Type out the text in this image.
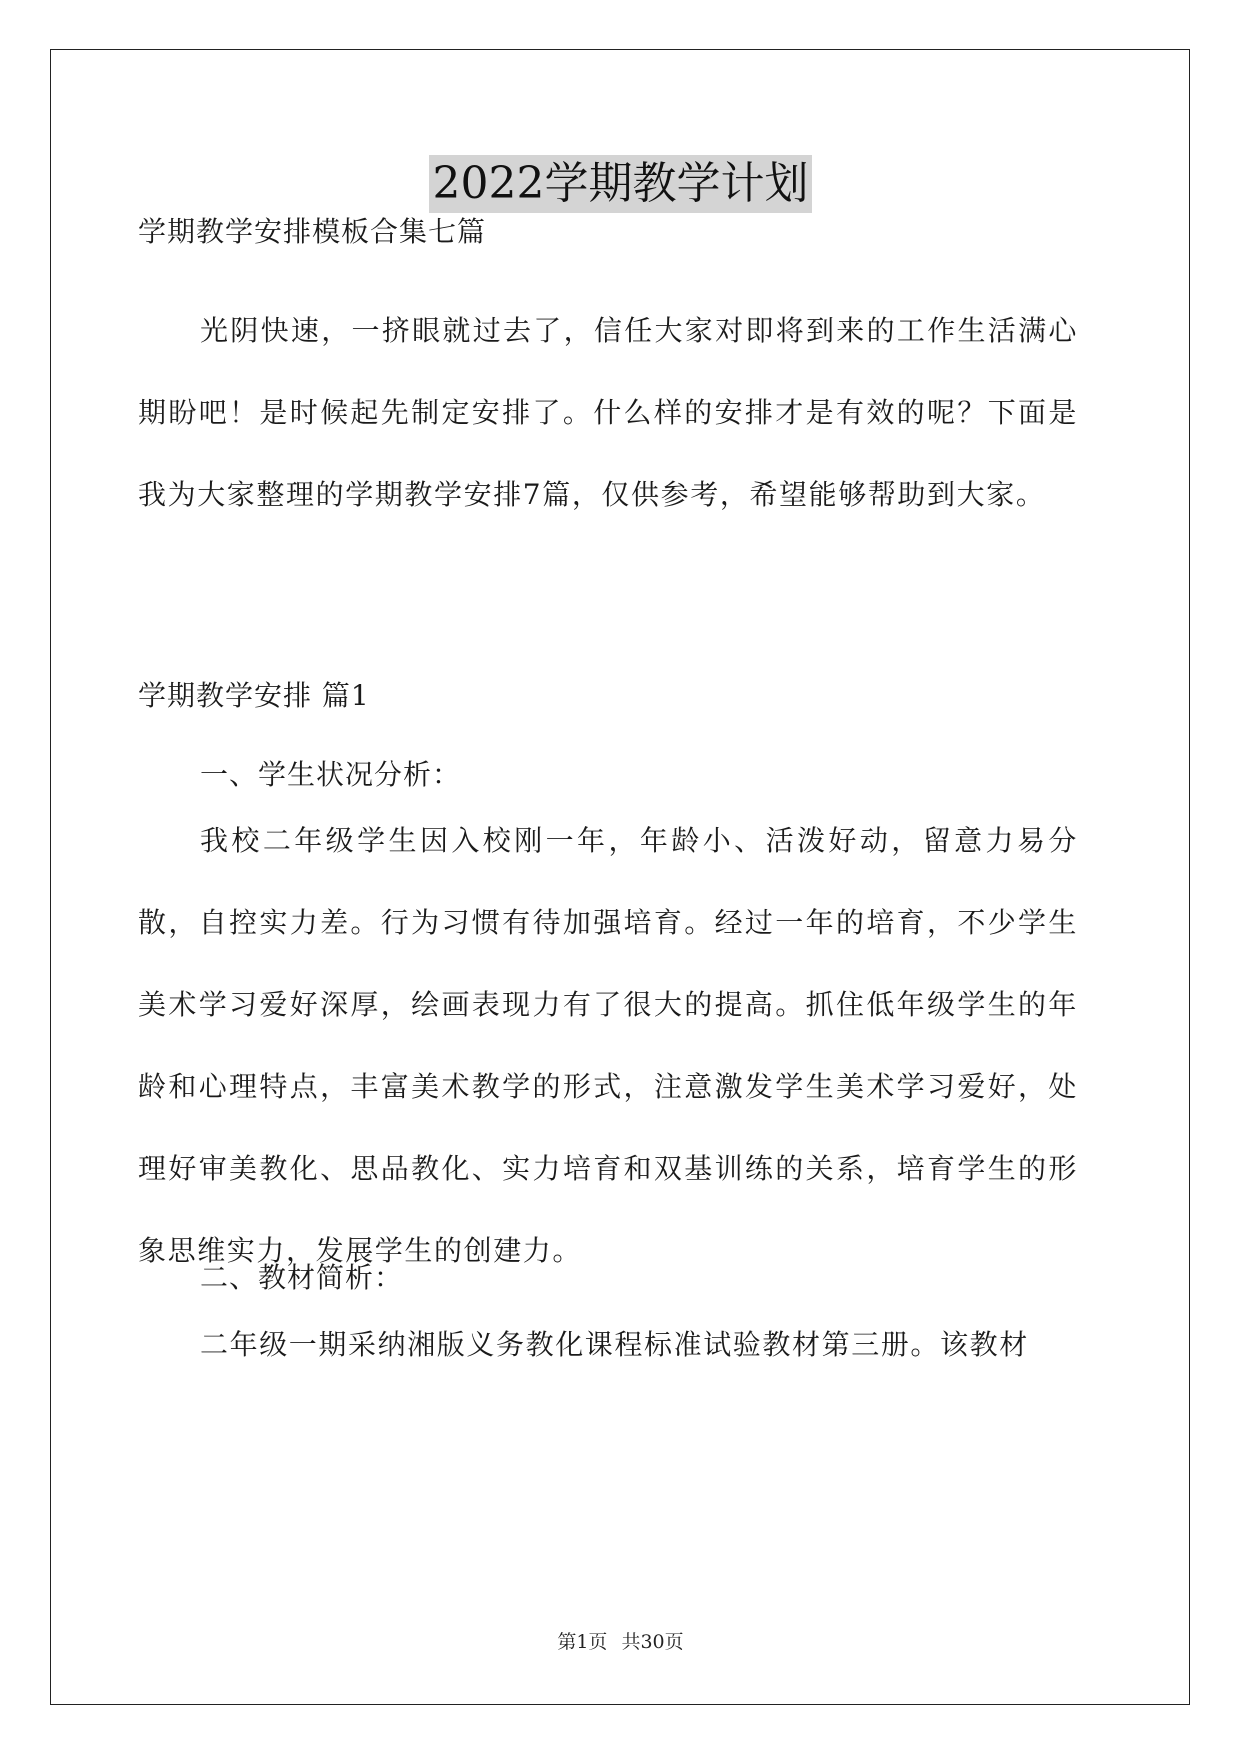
2022学期教学计划
学期教学安排模板合集七篇

光阴快速，一挤眼就过去了，信任大家对即将到来的工作生活满心期盼吧！是时候起先制定安排了。什么样的安排才是有效的呢？下面是我为大家整理的学期教学安排7篇，仅供参考，希望能够帮助到大家。

学期教学安排 篇1
一、学生状况分析：

我校二年级学生因入校刚一年，年龄小、活泼好动，留意力易分散，自控实力差。行为习惯有待加强培育。经过一年的培育，不少学生美术学习爱好深厚，绘画表现力有了很大的提高。抓住低年级学生的年龄和心理特点，丰富美术教学的形式，注意激发学生美术学习爱好，处理好审美教化、思品教化、实力培育和双基训练的关系，培育学生的形象思维实力，发展学生的创建力。

二、教材简析：

二年级一期采纳湘版义务教化课程标准试验教材第三册。该教材

第1页 共30页
